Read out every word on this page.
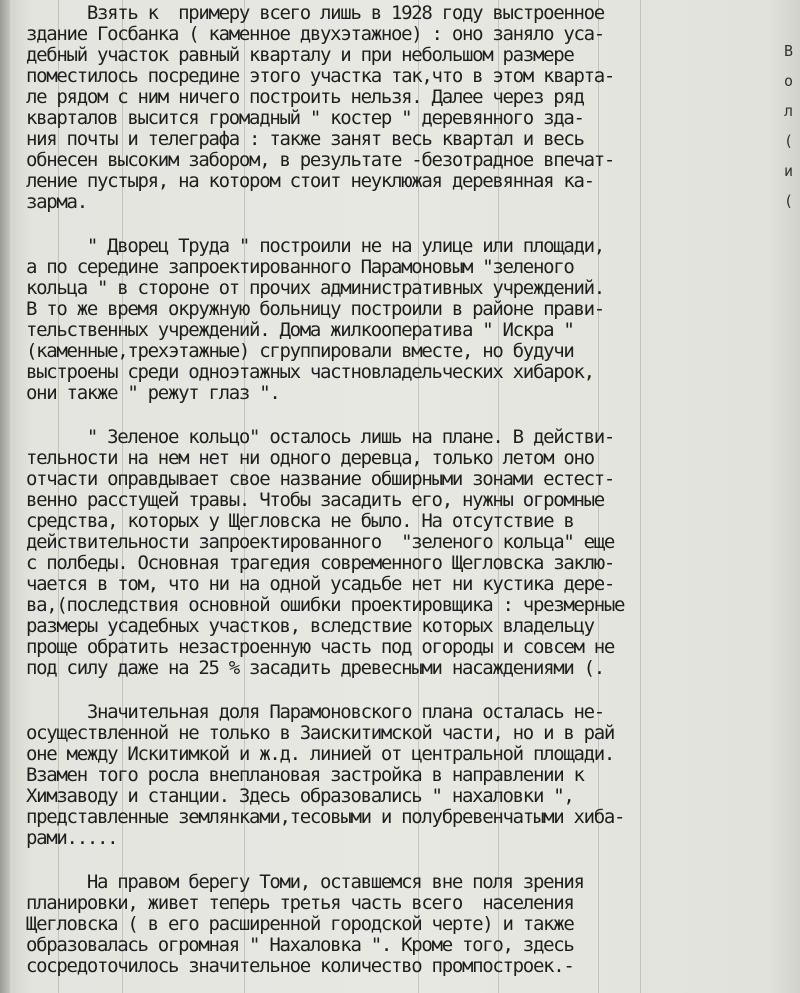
Взять к  примеру всего лишь в 1928 году выстроенное
здание Госбанка ( каменное двухэтажное) : оно заняло уса-
дебный участок равный кварталу и при небольшом размере
поместилось посредине этого участка так,что в этом кварта-
ле рядом с ним ничего построить нельзя. Далее через ряд
кварталов высится громадный " костер " деревянного зда-
ния почты и телеграфа : также занят весь квартал и весь
обнесен высоким забором, в результате -безотрадное впечат-
ление пустыря, на котором стоит неуклюжая деревянная ка-
зарма.
" Дворец Труда " построили не на улице или площади,
а по середине запроектированного Парамоновым "зеленого
кольца " в стороне от прочих административных учреждений.
В то же время окружную больницу построили в районе прави-
тельственных учреждений. Дома жилкооператива " Искра "
(каменные,трехэтажные) сгруппировали вместе, но будучи
выстроены среди одноэтажных частновладельческих хибарок,
они также " режут глаз ".
" Зеленое кольцо" осталось лишь на плане. В действи-
тельности на нем нет ни одного деревца, только летом оно
отчасти оправдывает свое название обширными зонами естест-
венно расстущей травы. Чтобы засадить его, нужны огромные
средства, которых у Щегловска не было. На отсутствие в
действительности запроектированного  "зеленого кольца" еще
с полбеды. Основная трагедия современного Щегловска заклю-
чается в том, что ни на одной усадьбе нет ни кустика дере-
ва,(последствия основной ошибки проектировщика : чрезмерные
размеры усадебных участков, вследствие которых владельцу
проще обратить незастроенную часть под огороды и совсем не
под силу даже на 25 % засадить древесными насаждениями (.
Значительная доля Парамоновского плана осталась не-
осуществленной не только в Заискитимской части, но и в рай
оне между Искитимкой и ж.д. линией от центральной площади.
Взамен того росла внеплановая застройка в направлении к
Химзаводу и станции. Здесь образовались " нахаловки ",
представленные землянками,тесовыми и полубревенчатыми хиба-
рами.....
На правом берегу Томи, оставшемся вне поля зрения
планировки, живет теперь третья часть всего  населения
Щегловска ( в его расширенной городской черте) и также
образовалась огромная " Нахаловка ". Кроме того, здесь
сосредоточилось значительное количество промпостроек.-
В
о
л
(
и
(
